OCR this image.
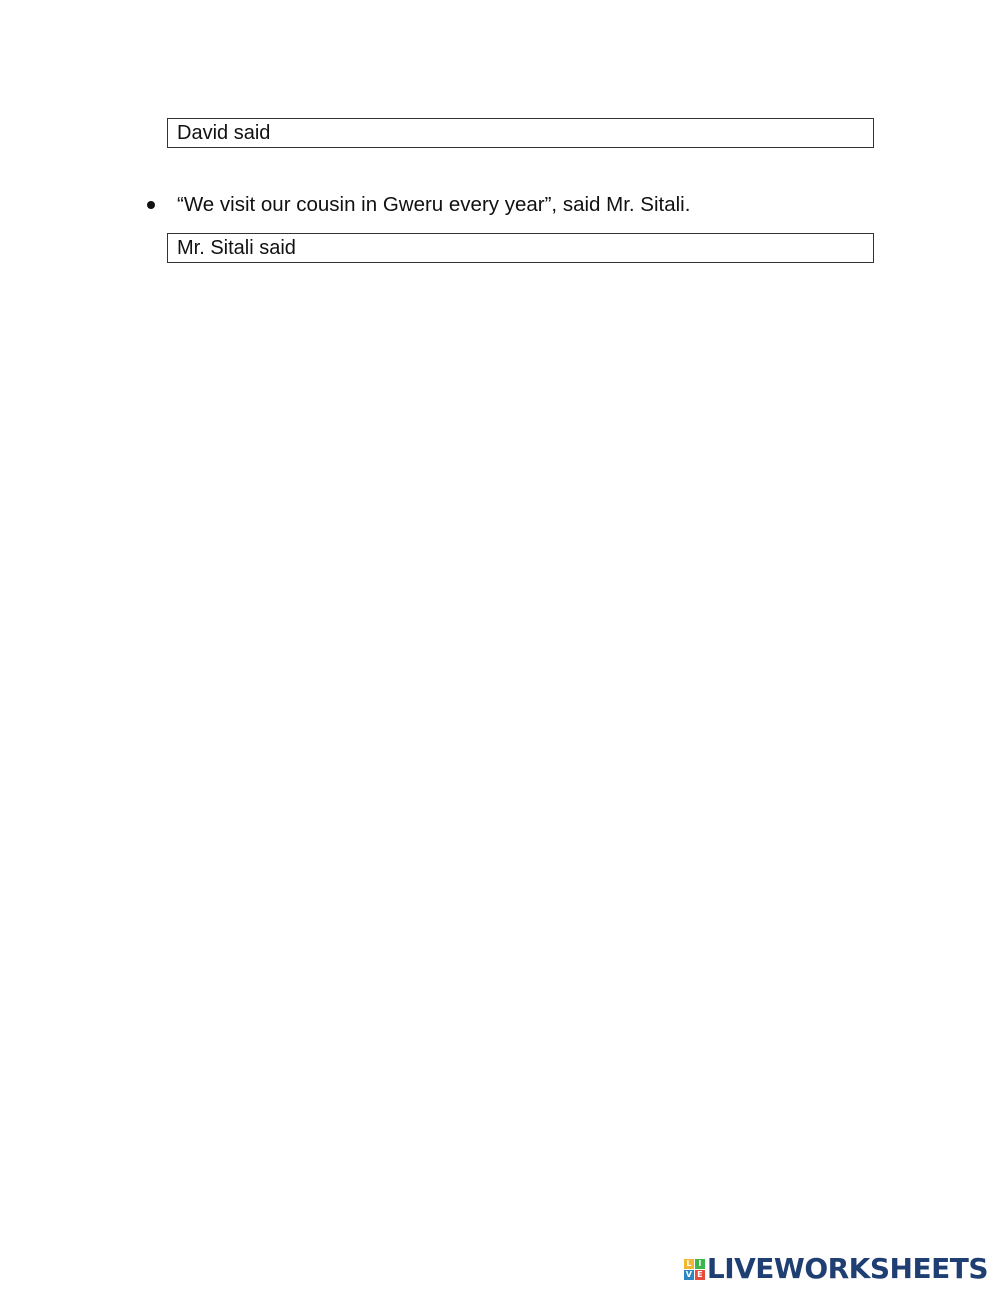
David said
“We visit our cousin in Gweru every year”, said Mr. Sitali.
Mr. Sitali said
L I
V E LIVEWORKSHEETS
